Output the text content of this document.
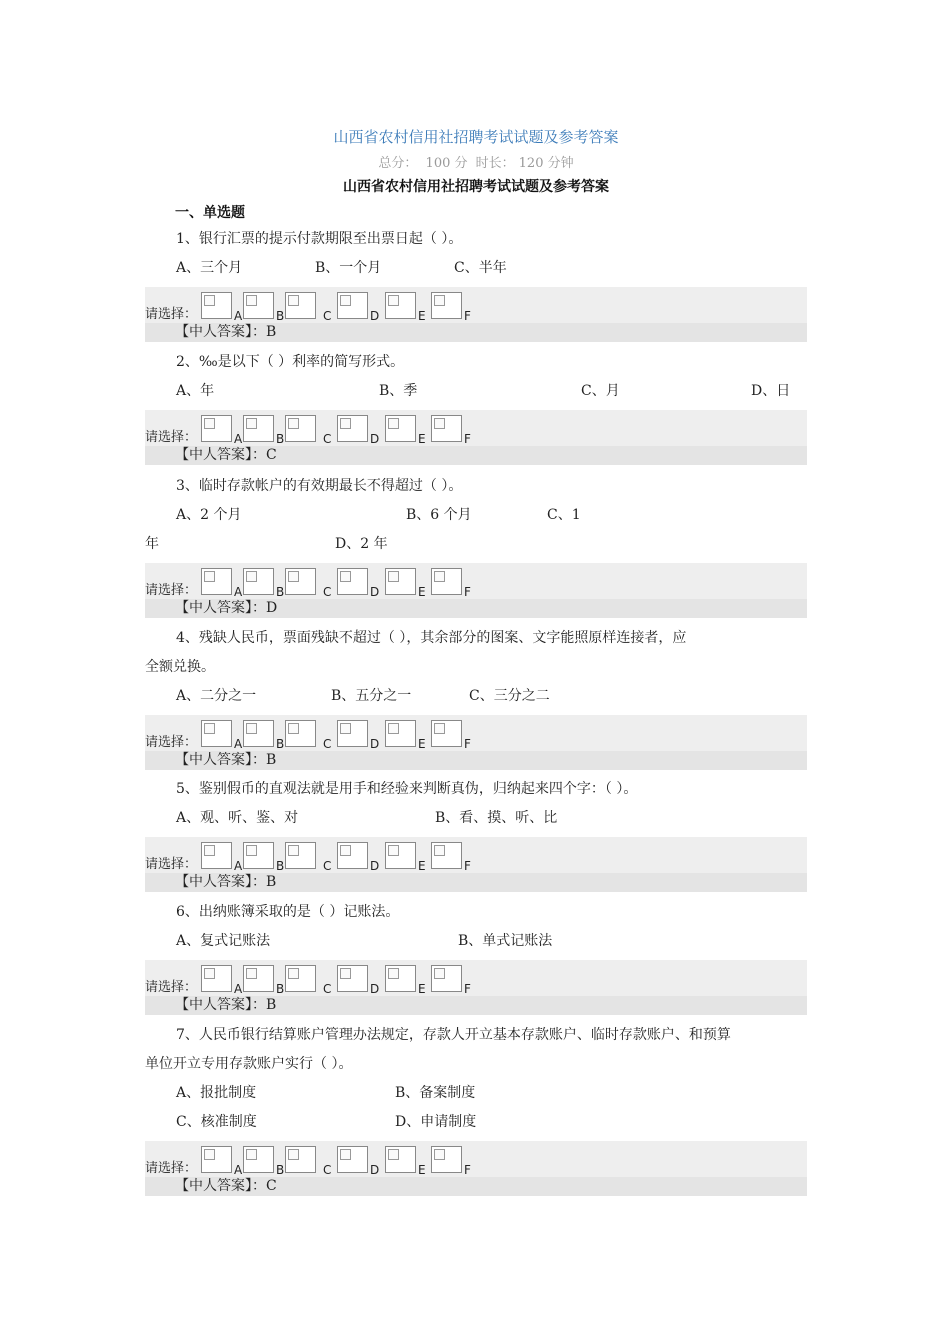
山西省农村信用社招聘考试试题及参考答案
总分： 100 分 时长： 120 分钟
山西省农村信用社招聘考试试题及参考答案
一、单选题
1、银行汇票的提示付款期限至出票日起（ ）。
A、三个月	B、一个月	C、半年
请选择：	A	B	C	D	E	F
【中人答案】：B
2、‰是以下（ ）利率的简写形式。
A、年	B、季	C、月	D、日
请选择：	A	B	C	D	E	F
【中人答案】：C
3、临时存款帐户的有效期最长不得超过（ ）。
A、2 个月	B、6 个月	C、1
年	D、2 年
请选择：	A	B	C	D	E	F
【中人答案】：D
4、残缺人民币，票面残缺不超过（ ），其余部分的图案、文字能照原样连接者，应
全额兑换。
A、二分之一	B、五分之一	C、三分之二
请选择：	A	B	C	D	E	F
【中人答案】：B
5、鉴别假币的直观法就是用手和经验来判断真伪，归纳起来四个字：（ ）。
A、观、听、鉴、对	B、看、摸、听、比
请选择：	A	B	C	D	E	F
【中人答案】：B
6、出纳账簿采取的是（ ）记账法。
A、复式记账法	B、单式记账法
请选择：	A	B	C	D	E	F
【中人答案】：B
7、人民币银行结算账户管理办法规定，存款人开立基本存款账户、临时存款账户、和预算
单位开立专用存款账户实行（ ）。
A、报批制度	B、备案制度
C、核准制度	D、申请制度
请选择：	A	B	C	D	E	F
【中人答案】：C
